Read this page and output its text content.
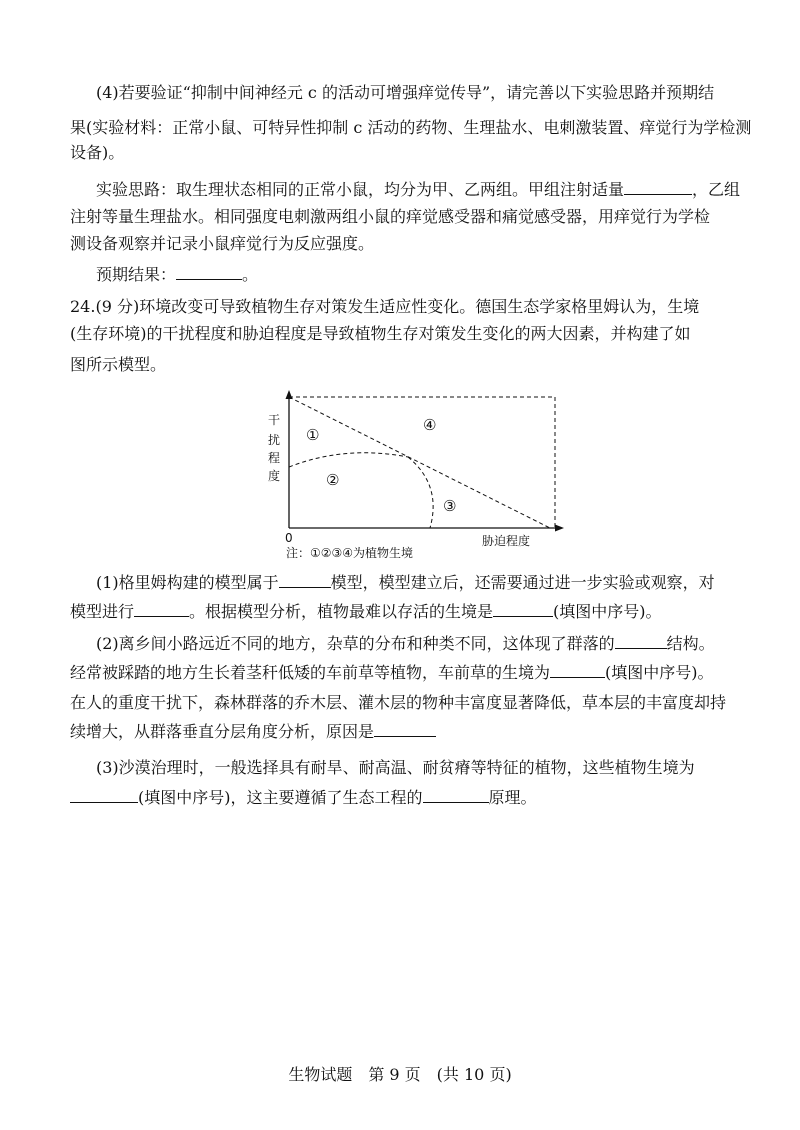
(4)若要验证“抑制中间神经元 c 的活动可增强痒觉传导”，请完善以下实验思路并预期结
果(实验材料：正常小鼠、可特异性抑制 c 活动的药物、生理盐水、电刺激装置、痒觉行为学检测
设备)。
实验思路：取生理状态相同的正常小鼠，均分为甲、乙两组。甲组注射适量	，乙组
注射等量生理盐水。相同强度电刺激两组小鼠的痒觉感受器和痛觉感受器，用痒觉行为学检
测设备观察并记录小鼠痒觉行为反应强度。
预期结果：	。
24.(9 分)环境改变可导致植物生存对策发生适应性变化。德国生态学家格里姆认为，生境
(生存环境)的干扰程度和胁迫程度是导致植物生存对策发生变化的两大因素，并构建了如
图所示模型。
干
扰
程
度
①
②
③
④
0	胁迫程度
注：①②③④为植物生境
(1)格里姆构建的模型属于	模型，模型建立后，还需要通过进一步实验或观察，对
模型进行	。根据模型分析，植物最难以存活的生境是	(填图中序号)。
(2)离乡间小路远近不同的地方，杂草的分布和种类不同，这体现了群落的	结构。
经常被踩踏的地方生长着茎秆低矮的车前草等植物，车前草的生境为	(填图中序号)。
在人的重度干扰下，森林群落的乔木层、灌木层的物种丰富度显著降低，草本层的丰富度却持
续增大，从群落垂直分层角度分析，原因是
(3)沙漠治理时，一般选择具有耐旱、耐高温、耐贫瘠等特征的植物，这些植物生境为
(填图中序号)，这主要遵循了生态工程的	原理。
生物试题　第 9 页　(共 10 页)
